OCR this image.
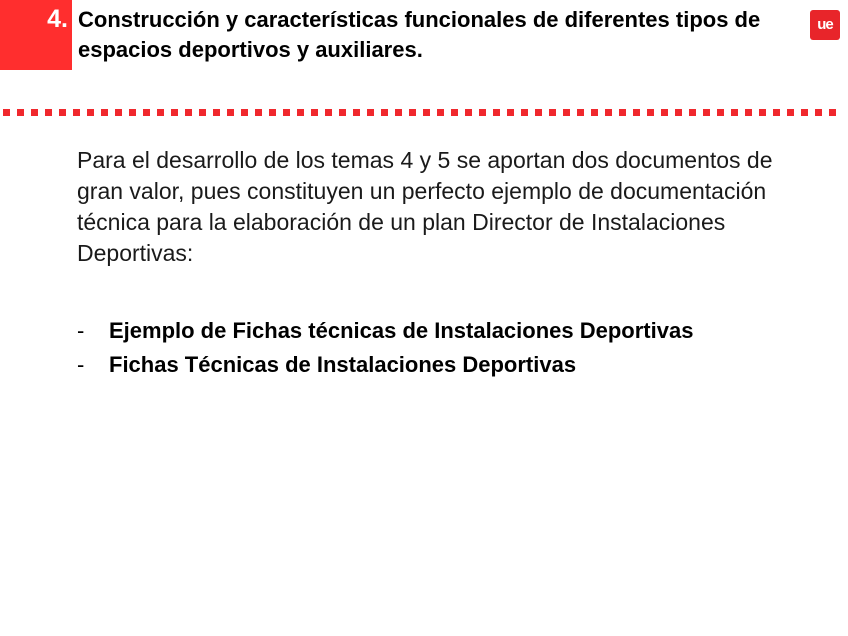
4. Construcción y características funcionales de diferentes tipos de espacios deportivos y auxiliares.
ue

Para el desarrollo de los temas 4 y 5 se aportan dos documentos de gran valor, pues constituyen un perfecto ejemplo de documentación técnica para la elaboración de un plan Director de Instalaciones Deportivas:

- Ejemplo de Fichas técnicas de Instalaciones Deportivas
- Fichas Técnicas de Instalaciones Deportivas
